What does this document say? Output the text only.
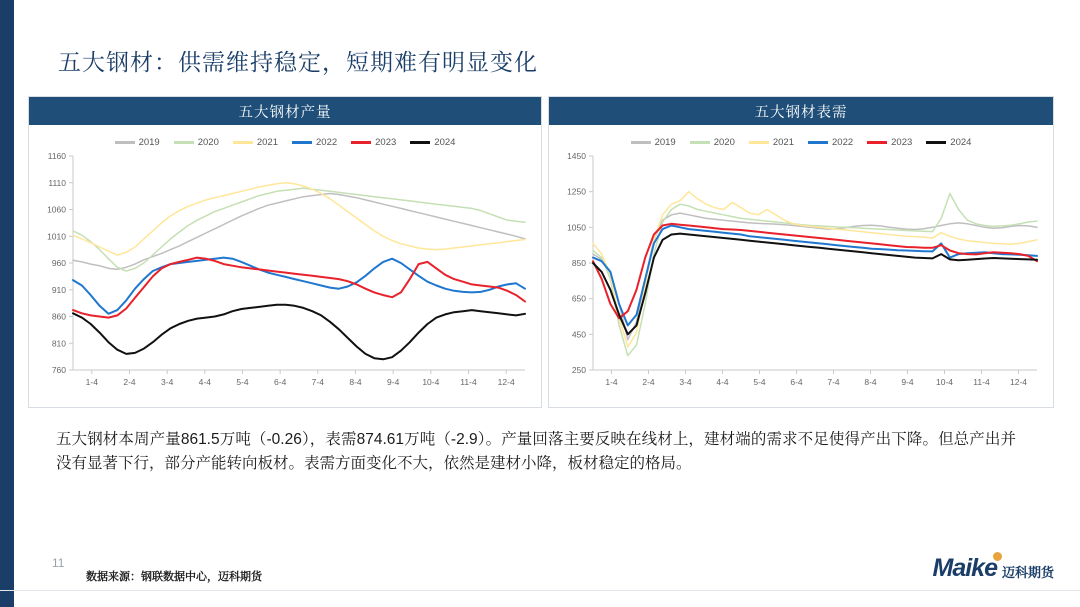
五大钢材：供需维持稳定，短期难有明显变化
五大钢材产量
2019	2020	2021	2022	2023	2024
760
810
860
910
960
1010
1060
1110
1160
1-4	2-4	3-4	4-4	5-4	6-4	7-4	8-4	9-4	10-4 11-4 12-4
五大钢材表需
2019	2020	2021	2022	2023	2024
250
450
650
850
1050
1250
1450
1-4	2-4	3-4	4-4	5-4	6-4	7-4	8-4	9-4	10-4 11-4 12-4
五大钢材本周产量861.5万吨（-0.26），表需874.61万吨（-2.9）。产量回落主要反映在线材上，建材端的需求不足使得产出下降。但总产出并没有显著下行，部分产能转向板材。表需方面变化不大，依然是建材小降，板材稳定的格局。
11
数据来源：钢联数据中心，迈科期货	Maike 迈科期货
